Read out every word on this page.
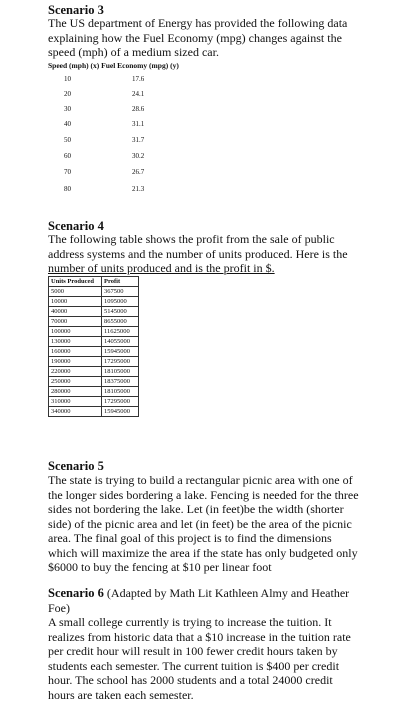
Scenario 3
The US department of Energy has provided the following data
explaining how the Fuel Economy (mpg) changes against the
speed (mph) of a medium sized car.
Speed (mph) (x) Fuel Economy (mpg) (y)
10	17.6
20	24.1
30	28.6
40	31.1
50	31.7
60	30.2
70	26.7
80	21.3
Scenario 4
The following table shows the profit from the sale of public
address systems and the number of units produced. Here is the
number of units produced and is the profit in $.
Units Produced	Profit
5000	367500
10000	1095000
40000	5145000
70000	8655000
100000	11625000
130000	14055000
160000	15945000
190000	17295000
220000	18105000
250000	18375000
280000	18105000
310000	17295000
340000	15945000
Scenario 5
The state is trying to build a rectangular picnic area with one of
the longer sides bordering a lake. Fencing is needed for the three
sides not bordering the lake. Let (in feet)be the width (shorter
side) of the picnic area and let (in feet) be the area of the picnic
area. The final goal of this project is to find the dimensions
which will maximize the area if the state has only budgeted only
$6000 to buy the fencing at $10 per linear foot
Scenario 6 (Adapted by Math Lit Kathleen Almy and Heather
Foe)
A small college currently is trying to increase the tuition. It
realizes from historic data that a $10 increase in the tuition rate
per credit hour will result in 100 fewer credit hours taken by
students each semester. The current tuition is $400 per credit
hour. The school has 2000 students and a total 24000 credit
hours are taken each semester.
